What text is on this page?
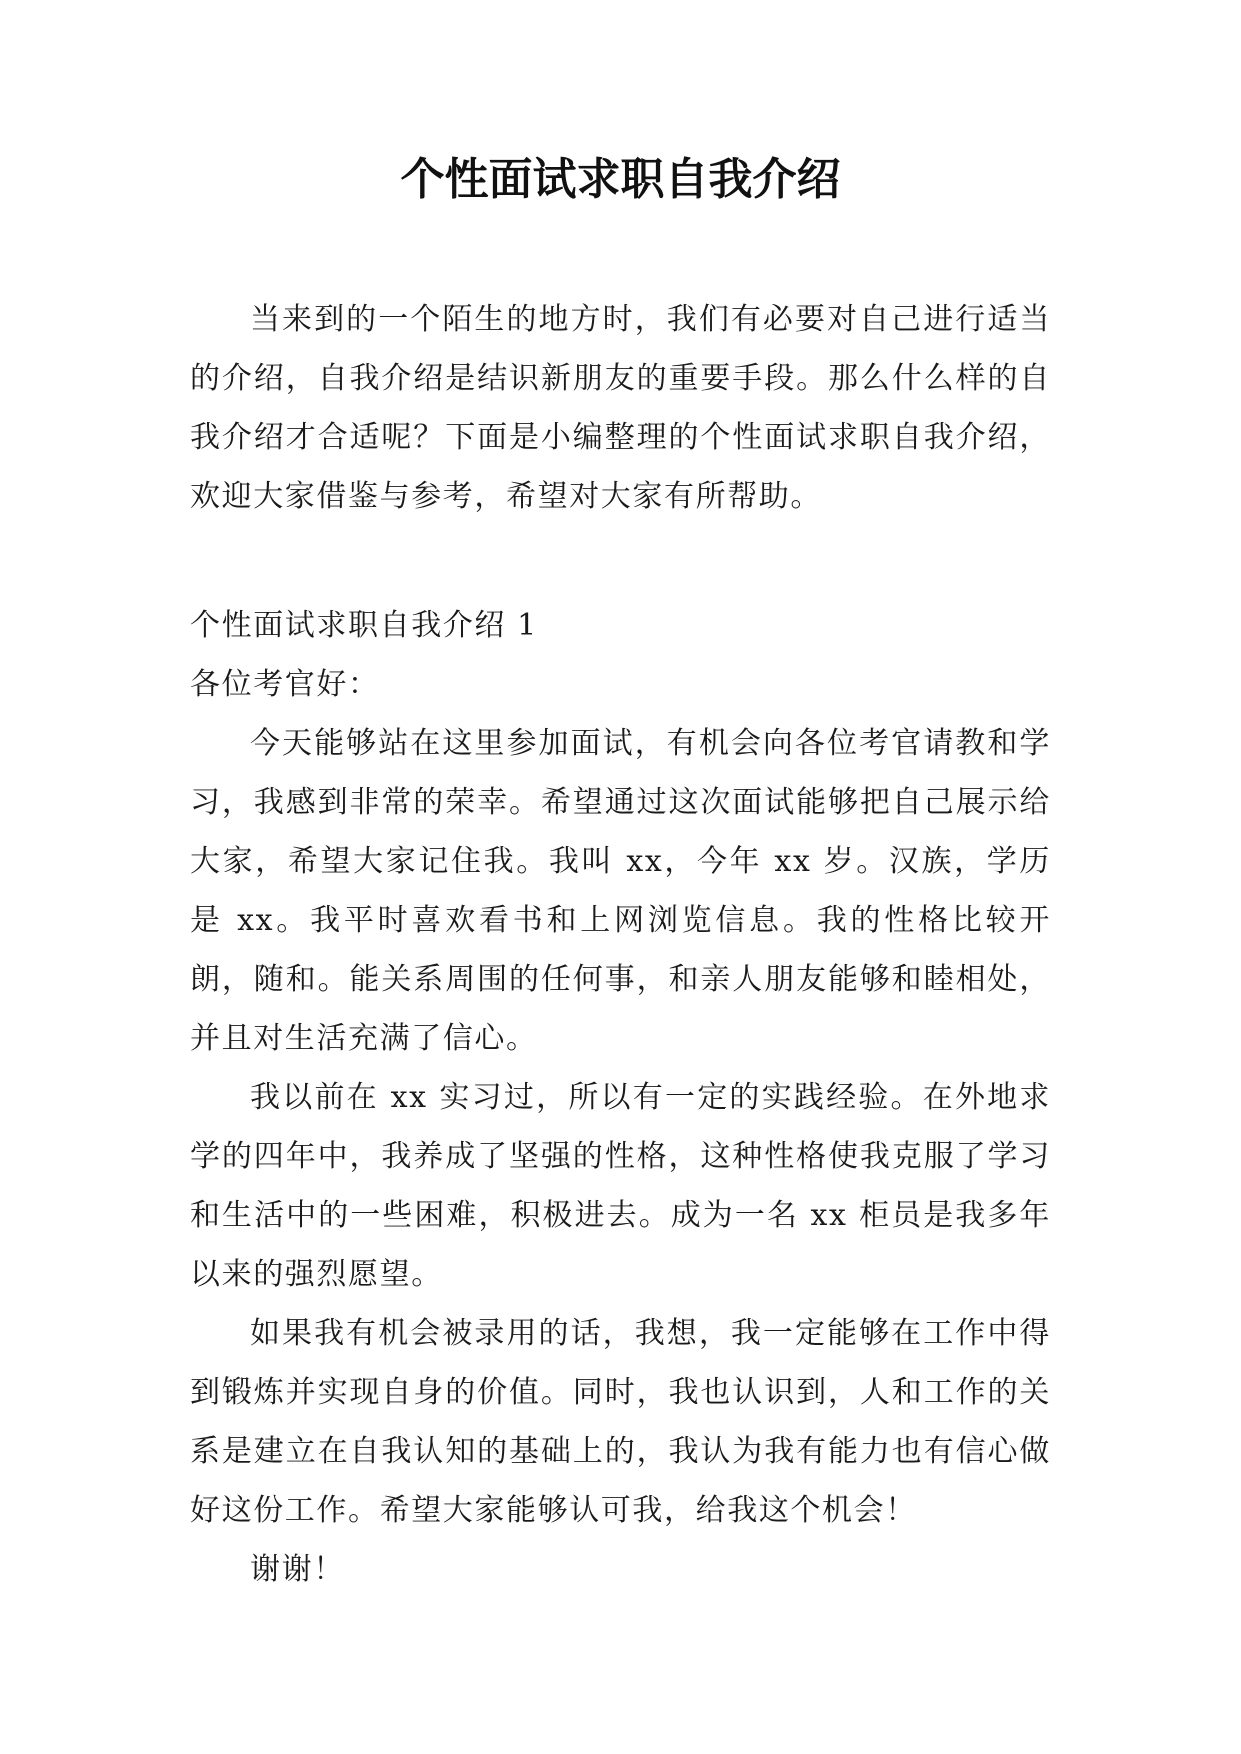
个性面试求职自我介绍

当来到的一个陌生的地方时，我们有必要对自己进行适当的介绍，自我介绍是结识新朋友的重要手段。那么什么样的自我介绍才合适呢？下面是小编整理的个性面试求职自我介绍，欢迎大家借鉴与参考，希望对大家有所帮助。

个性面试求职自我介绍 1

各位考官好：

今天能够站在这里参加面试，有机会向各位考官请教和学习，我感到非常的荣幸。希望通过这次面试能够把自己展示给大家，希望大家记住我。我叫 xx，今年 xx 岁。汉族，学历是 xx。我平时喜欢看书和上网浏览信息。我的性格比较开朗，随和。能关系周围的任何事，和亲人朋友能够和睦相处，并且对生活充满了信心。

我以前在 xx 实习过，所以有一定的实践经验。在外地求学的四年中，我养成了坚强的性格，这种性格使我克服了学习和生活中的一些困难，积极进去。成为一名 xx 柜员是我多年以来的强烈愿望。

如果我有机会被录用的话，我想，我一定能够在工作中得到锻炼并实现自身的价值。同时，我也认识到，人和工作的关系是建立在自我认知的基础上的，我认为我有能力也有信心做好这份工作。希望大家能够认可我，给我这个机会！

谢谢！
